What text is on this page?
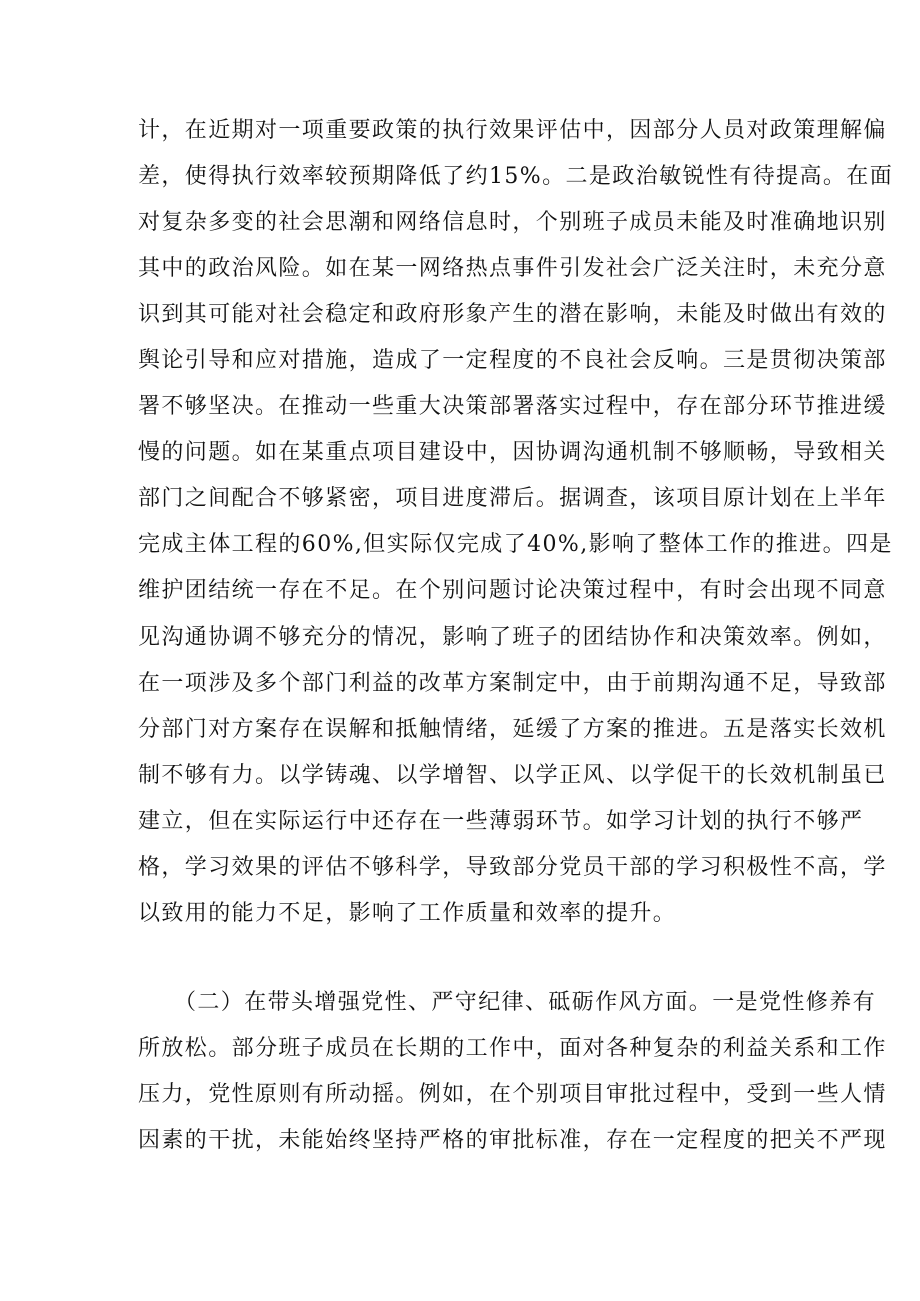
计，在近期对一项重要政策的执行效果评估中，因部分人员对政策理解偏
差，使得执行效率较预期降低了约15%。二是政治敏锐性有待提高。在面
对复杂多变的社会思潮和网络信息时，个别班子成员未能及时准确地识别
其中的政治风险。如在某一网络热点事件引发社会广泛关注时，未充分意
识到其可能对社会稳定和政府形象产生的潜在影响，未能及时做出有效的
舆论引导和应对措施，造成了一定程度的不良社会反响。三是贯彻决策部
署不够坚决。在推动一些重大决策部署落实过程中，存在部分环节推进缓
慢的问题。如在某重点项目建设中，因协调沟通机制不够顺畅，导致相关
部门之间配合不够紧密，项目进度滞后。据调查，该项目原计划在上半年
完成主体工程的60%,但实际仅完成了40%,影响了整体工作的推进。四是
维护团结统一存在不足。在个别问题讨论决策过程中，有时会出现不同意
见沟通协调不够充分的情况，影响了班子的团结协作和决策效率。例如，
在一项涉及多个部门利益的改革方案制定中，由于前期沟通不足，导致部
分部门对方案存在误解和抵触情绪，延缓了方案的推进。五是落实长效机
制不够有力。以学铸魂、以学增智、以学正风、以学促干的长效机制虽已
建立，但在实际运行中还存在一些薄弱环节。如学习计划的执行不够严
格，学习效果的评估不够科学，导致部分党员干部的学习积极性不高，学
以致用的能力不足，影响了工作质量和效率的提升。
（二）在带头增强党性、严守纪律、砥砺作风方面。一是党性修养有
所放松。部分班子成员在长期的工作中，面对各种复杂的利益关系和工作
压力，党性原则有所动摇。例如，在个别项目审批过程中，受到一些人情
因素的干扰，未能始终坚持严格的审批标准，存在一定程度的把关不严现
